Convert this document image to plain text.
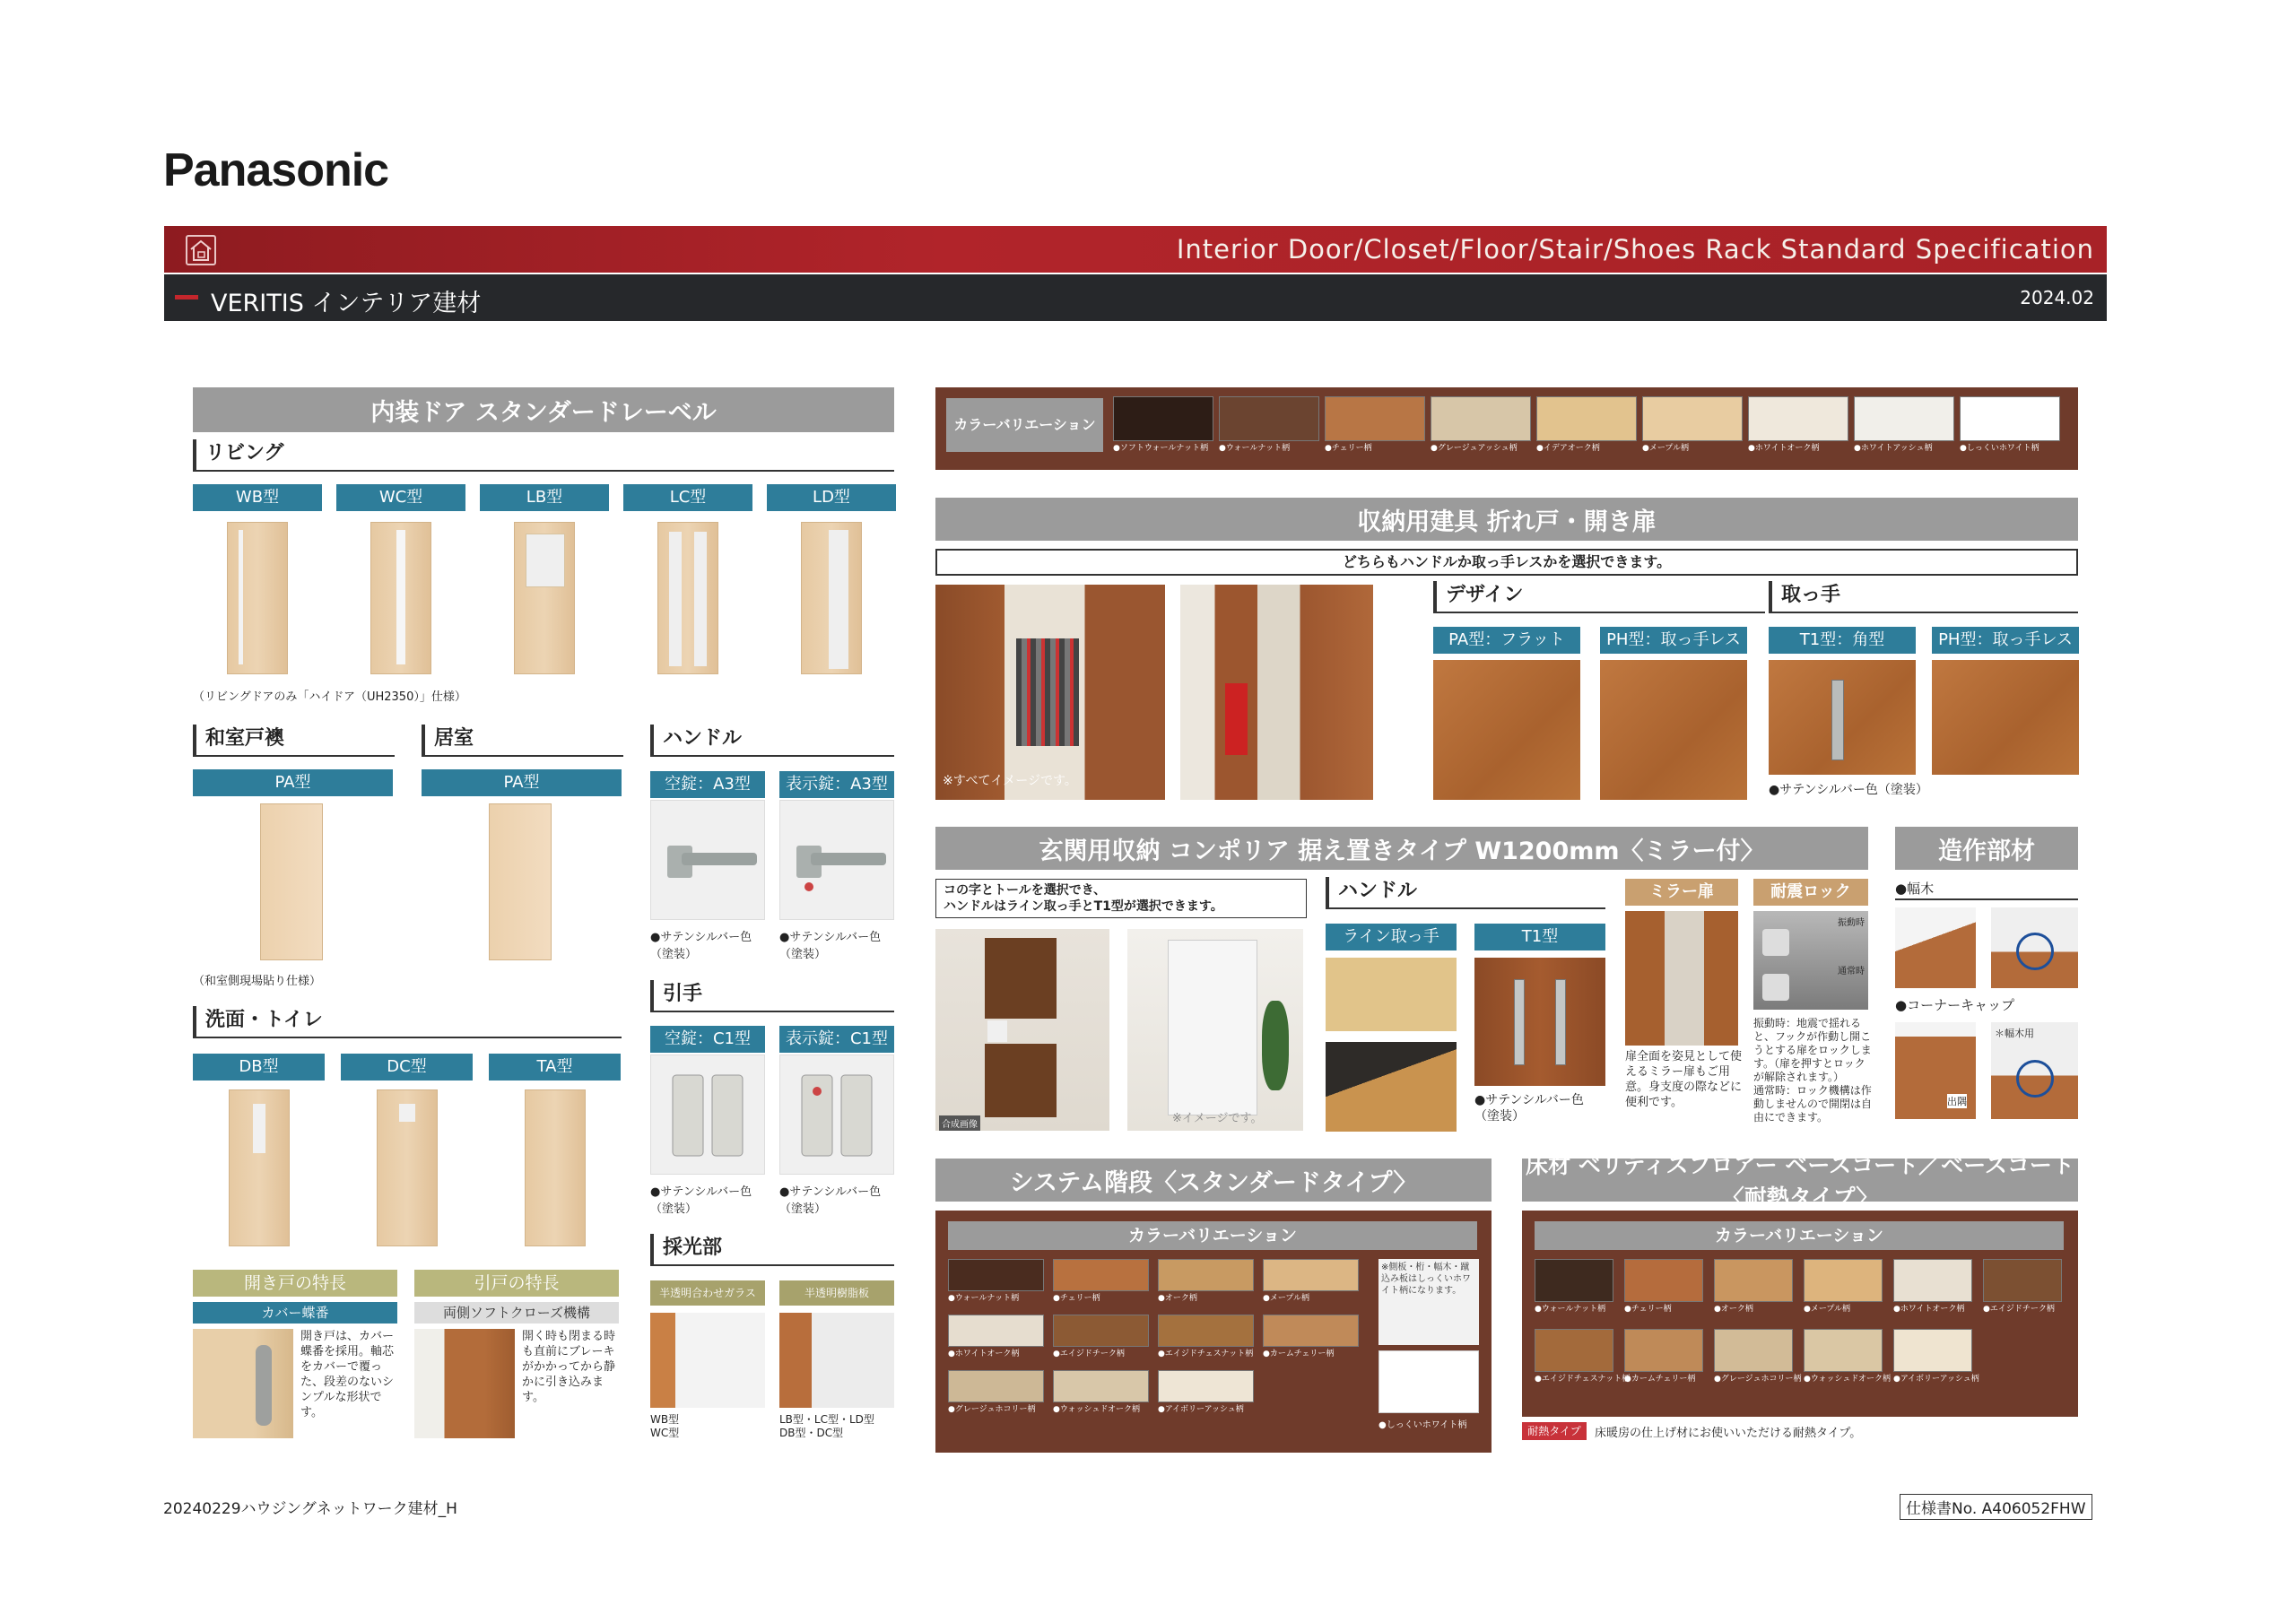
Panasonic
Interior Door/Closet/Floor/Stair/Shoes Rack Standard Specification
VERITIS インテリア建材	2024.02
内装ドア スタンダードレーベル
リビング
WB型	WC型	LB型	LC型	LD型
（リビングドアのみ「ハイドア（UH2350）」仕様）
和室戸襖
PA型
（和室側現場貼り仕様）
居室
PA型
洗面・トイレ
DB型	DC型	TA型
ハンドル
空錠：A3型	表示錠：A3型
●サテンシルバー色
（塗装）
●サテンシルバー色
（塗装）
引手
空錠：C1型	表示錠：C1型
●サテンシルバー色
（塗装）
●サテンシルバー色
（塗装）
採光部
半透明合わせガラス	半透明樹脂板
WB型
WC型
LB型・LC型・LD型
DB型・DC型
開き戸の特長
カバー蝶番
開き戸は、カバー蝶番を採用。軸芯をカバーで覆った、段差のないシンプルな形状です。
引戸の特長
両側ソフトクローズ機構
開く時も閉まる時も直前にブレーキがかかってから静かに引き込みます。
カラーバリエーション
●ソフトウォールナット柄	●ウォールナット柄	●チェリー柄	●グレージュアッシュ柄	●イデアオーク柄	●メープル柄	●ホワイトオーク柄	●ホワイトアッシュ柄	●しっくいホワイト柄
収納用建具 折れ戸・開き扉
どちらもハンドルか取っ手レスかを選択できます。
※すべてイメージです。
デザイン
PA型：フラット	PH型：取っ手レス
取っ手
T1型：角型	PH型：取っ手レス
●サテンシルバー色（塗装）
玄関用収納 コンポリア 据え置きタイプ W1200mm〈ミラー付〉
コの字とトールを選択でき、
ハンドルはライン取っ手とT1型が選択できます。
合成画像	※イメージです。
ハンドル
ライン取っ手	T1型
●サテンシルバー色
（塗装）
ミラー扉
扉全面を姿見として使えるミラー扉もご用意。身支度の際などに便利です。
耐震ロック
振動時
通常時
振動時：地震で揺れると、フックが作動し開こうとする扉をロックします。（扉を押すとロックが解除されます。）
通常時：ロック機構は作動しませんので開閉は自由にできます。
造作部材
●幅木
●コーナーキャップ
出隅
＊幅木用
システム階段〈スタンダードタイプ〉
カラーバリエーション
●ウォールナット柄	●チェリー柄	●オーク柄	●メープル柄
●ホワイトオーク柄	●エイジドチーク柄	●エイジドチェスナット柄 ●カームチェリー柄
●グレージュホコリー柄	●ウォッシュドオーク柄	●アイボリーアッシュ柄
※側板・桁・幅木・蹴込み板はしっくいホワイト柄になります。
●しっくいホワイト柄
床材 ベリティスフロアー ベースコート／ベースコート〈耐熱タイプ〉
カラーバリエーション
●ウォールナット柄	●チェリー柄	●オーク柄	●メープル柄	●ホワイトオーク柄	●エイジドチーク柄
●エイジドチェスナット柄
●カームチェリー柄	●グレージュホコリー柄 ●ウォッシュドオーク柄 ●アイボリーアッシュ柄
耐熱タイプ	床暖房の仕上げ材にお使いいただける耐熱タイプ。
20240229ハウジングネットワーク建材_H	仕様書No. A406052FHW
